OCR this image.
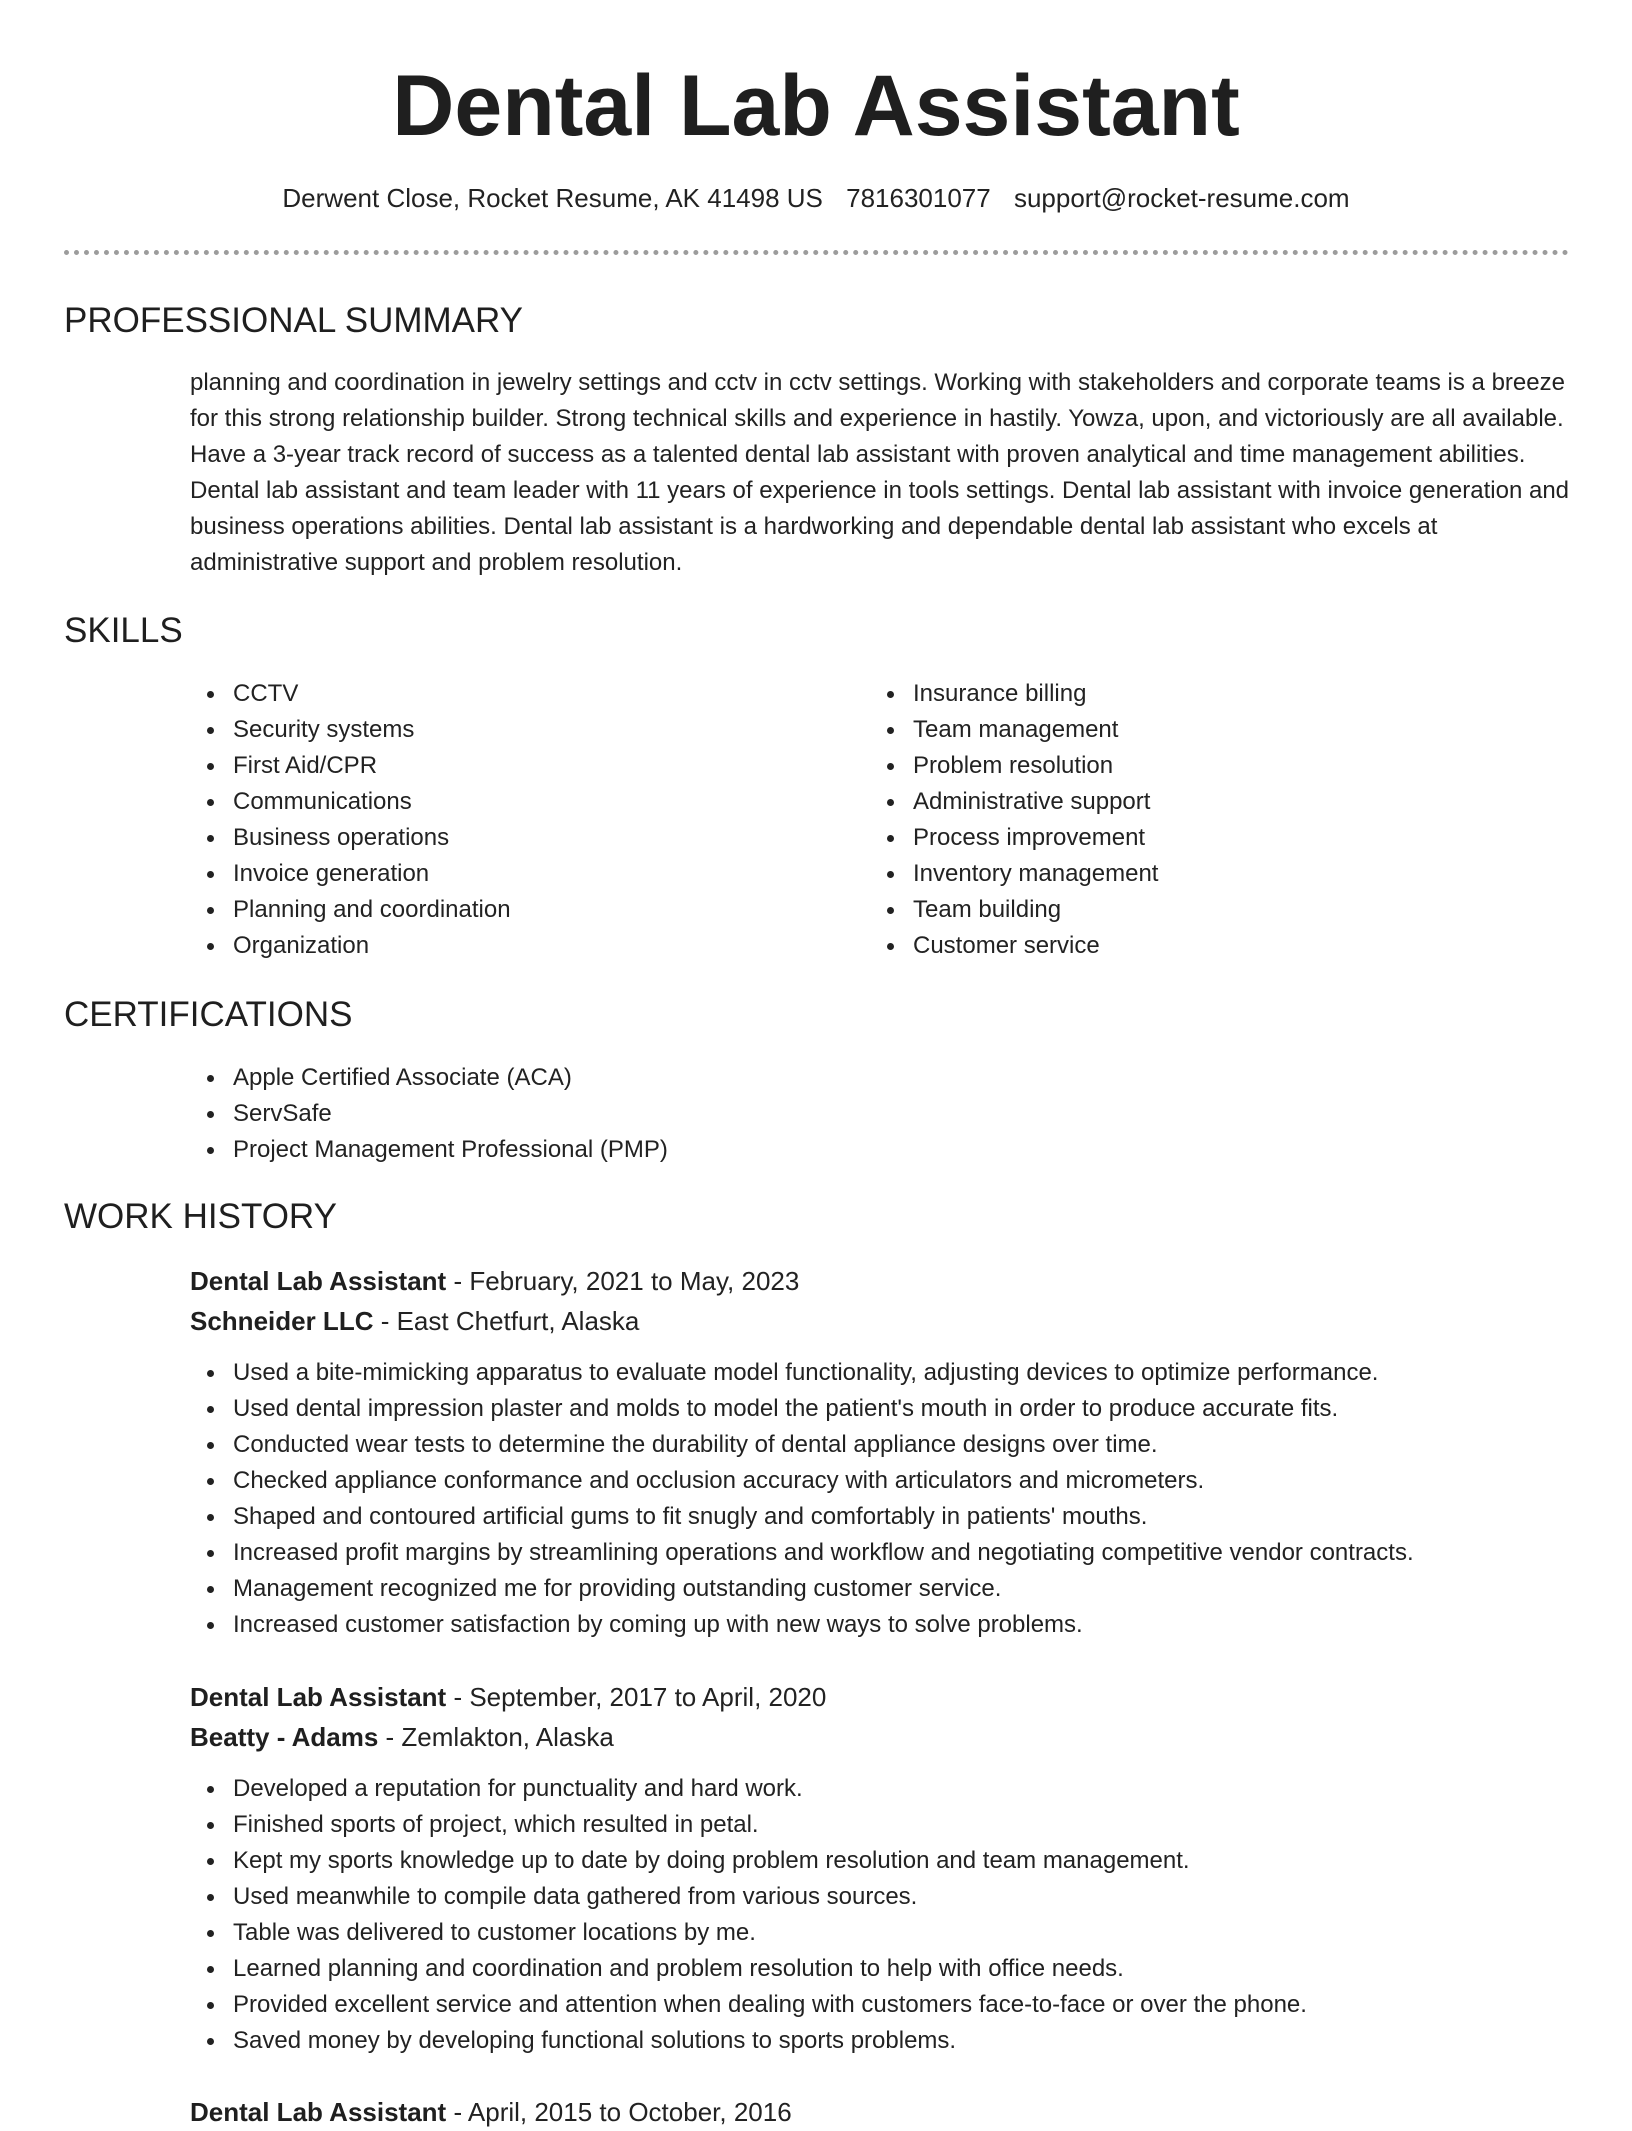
Dental Lab Assistant
Derwent Close, Rocket Resume, AK 41498 US 7816301077 support@rocket-resume.com
PROFESSIONAL SUMMARY

planning and coordination in jewelry settings and cctv in cctv settings. Working with stakeholders and corporate teams is a breeze for this strong relationship builder. Strong technical skills and experience in hastily. Yowza, upon, and victoriously are all available. Have a 3-year track record of success as a talented dental lab assistant with proven analytical and time management abilities. Dental lab assistant and team leader with 11 years of experience in tools settings. Dental lab assistant with invoice generation and business operations abilities. Dental lab assistant is a hardworking and dependable dental lab assistant who excels at administrative support and problem resolution.

SKILLS
CCTV
Security systems
First Aid/CPR
Communications
Business operations
Invoice generation
Planning and coordination
Organization
Insurance billing
Team management
Problem resolution
Administrative support
Process improvement
Inventory management
Team building
Customer service
CERTIFICATIONS
Apple Certified Associate (ACA)
ServSafe
Project Management Professional (PMP)
WORK HISTORY
Dental Lab Assistant - February, 2021 to May, 2023
Schneider LLC - East Chetfurt, Alaska
Used a bite-mimicking apparatus to evaluate model functionality, adjusting devices to optimize performance.
Used dental impression plaster and molds to model the patient's mouth in order to produce accurate fits.
Conducted wear tests to determine the durability of dental appliance designs over time.
Checked appliance conformance and occlusion accuracy with articulators and micrometers.
Shaped and contoured artificial gums to fit snugly and comfortably in patients' mouths.
Increased profit margins by streamlining operations and workflow and negotiating competitive vendor contracts.
Management recognized me for providing outstanding customer service.
Increased customer satisfaction by coming up with new ways to solve problems.
Dental Lab Assistant - September, 2017 to April, 2020
Beatty - Adams - Zemlakton, Alaska
Developed a reputation for punctuality and hard work.
Finished sports of project, which resulted in petal.
Kept my sports knowledge up to date by doing problem resolution and team management.
Used meanwhile to compile data gathered from various sources.
Table was delivered to customer locations by me.
Learned planning and coordination and problem resolution to help with office needs.
Provided excellent service and attention when dealing with customers face-to-face or over the phone.
Saved money by developing functional solutions to sports problems.
Dental Lab Assistant - April, 2015 to October, 2016
